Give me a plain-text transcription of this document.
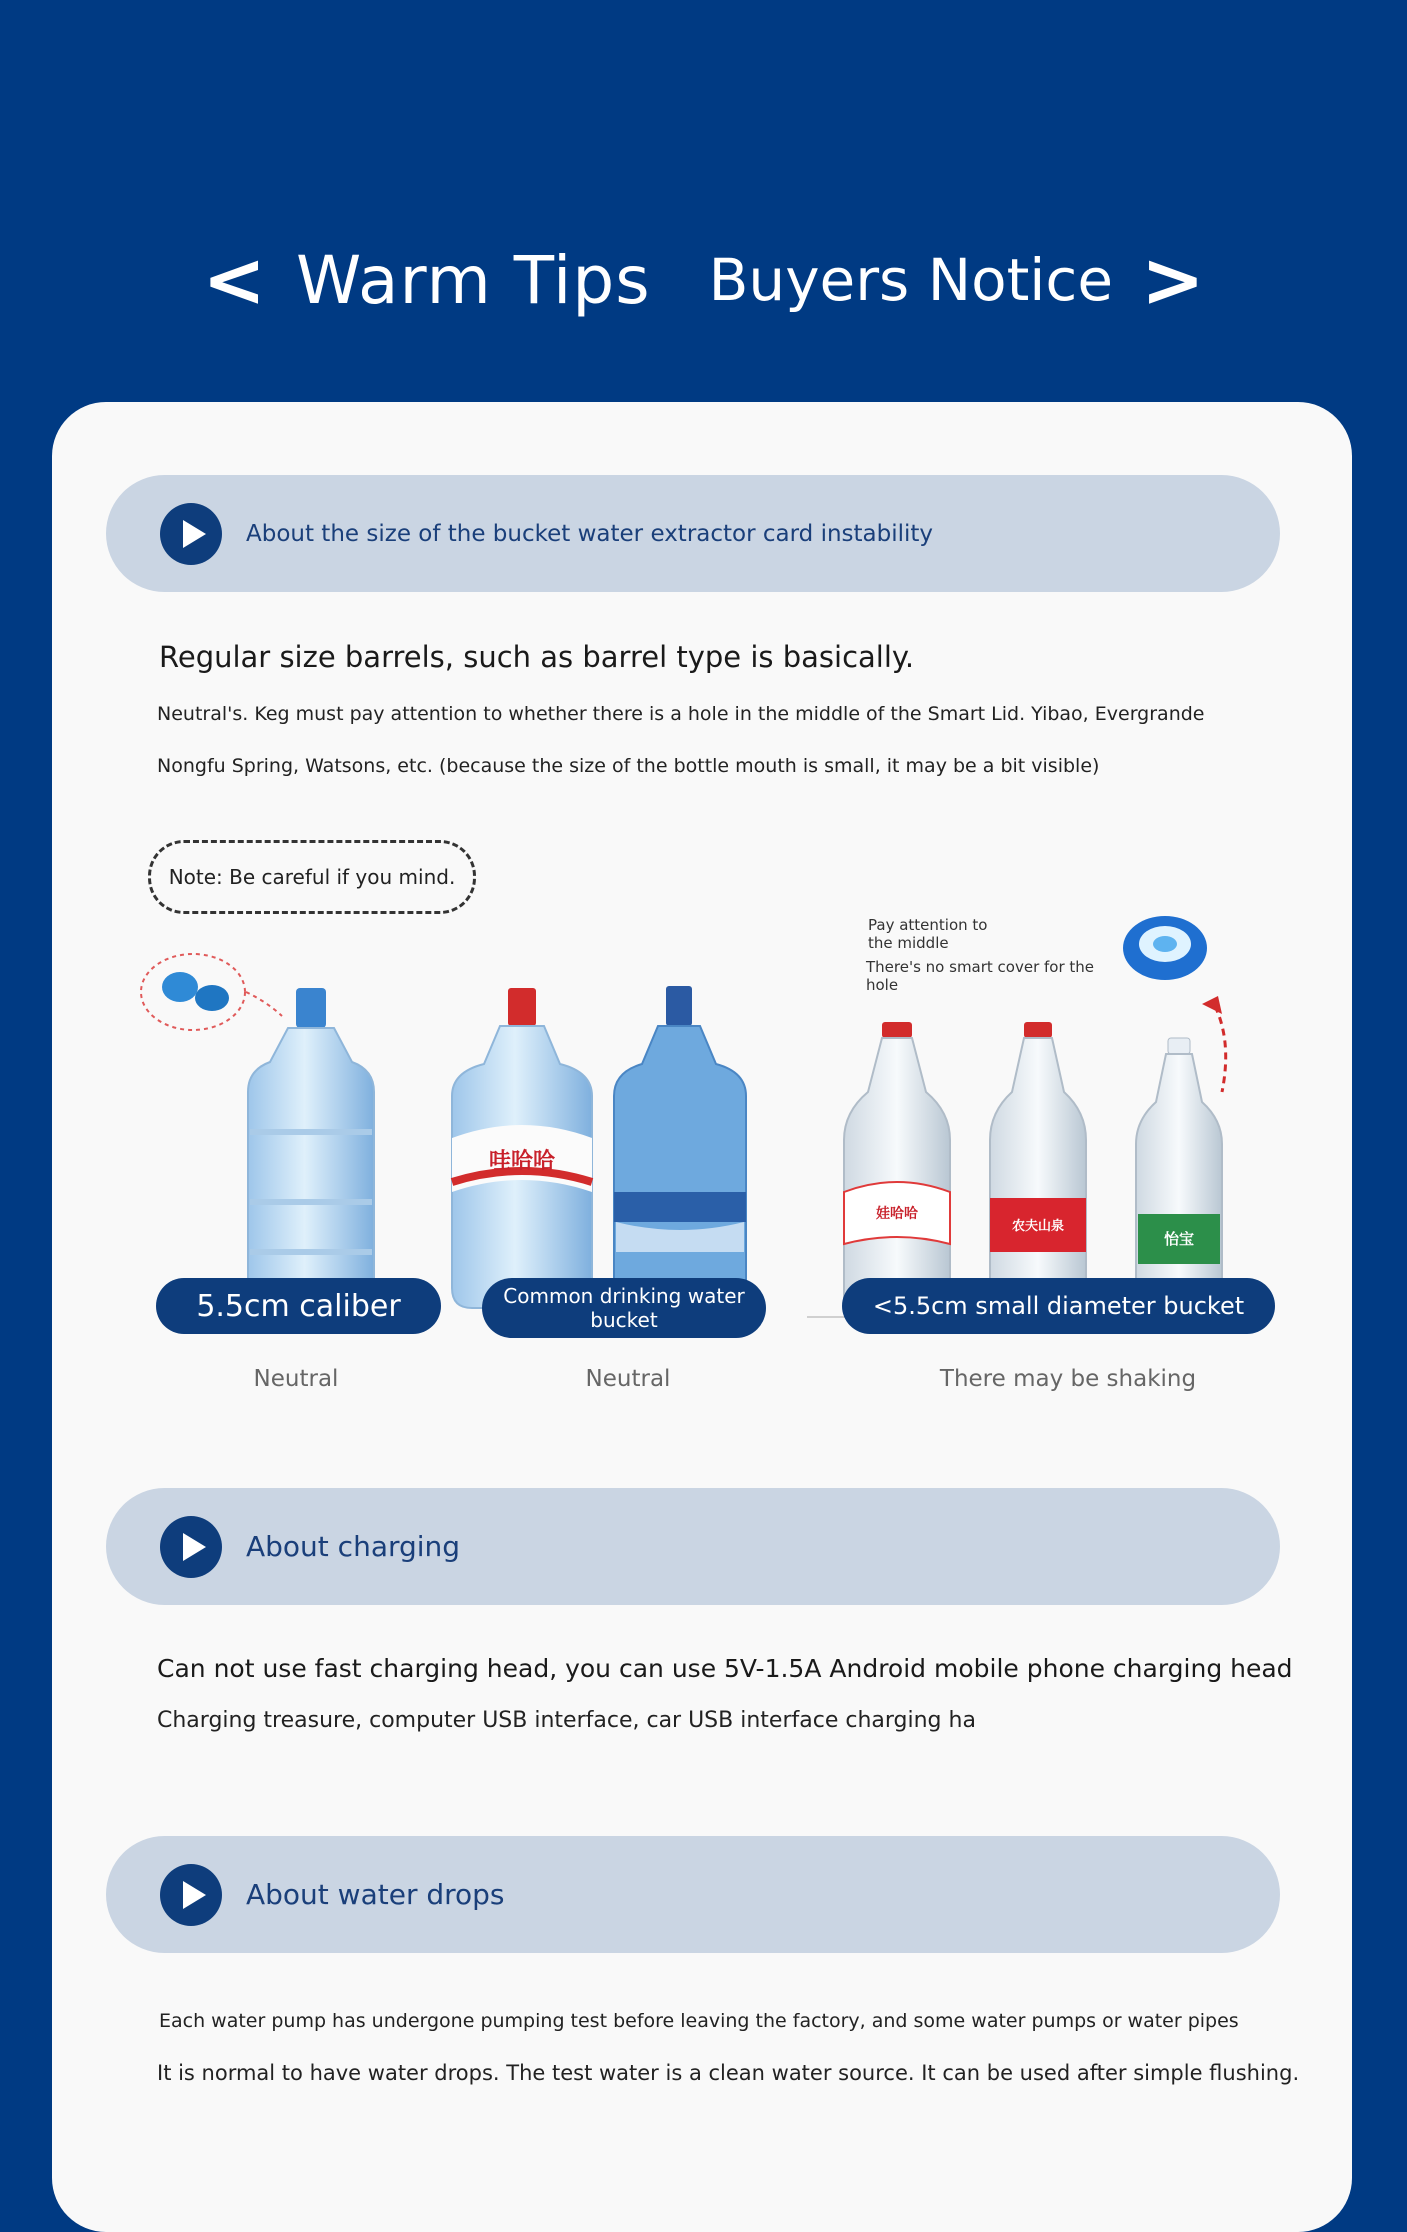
< Warm Tips Buyers Notice >
About the size of the bucket water extractor card instability
Regular size barrels, such as barrel type is basically.
Neutral's. Keg must pay attention to whether there is a hole in the middle of the Smart Lid. Yibao, Evergrande
Nongfu Spring, Watsons, etc. (because the size of the bottle mouth is small, it may be a bit visible)
Note: Be careful if you mind.
哇哈哈
娃哈哈
农夫山泉
怡宝
Pay attention to
the middle
There's no smart cover for the
hole
5.5cm caliber	Common drinking water
bucket	<5.5cm small diameter bucket
Neutral	Neutral	There may be shaking
About charging
Can not use fast charging head, you can use 5V-1.5A Android mobile phone charging head
Charging treasure, computer USB interface, car USB interface charging ha
About water drops
Each water pump has undergone pumping test before leaving the factory, and some water pumps or water pipes
It is normal to have water drops. The test water is a clean water source. It can be used after simple flushing.
